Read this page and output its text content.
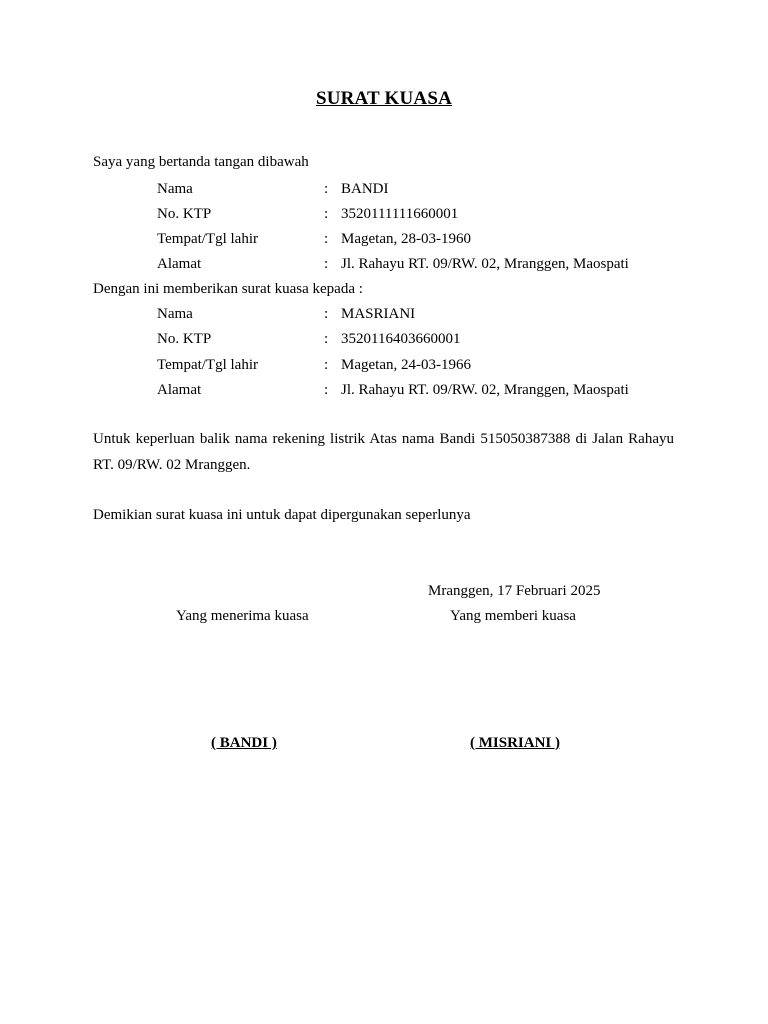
SURAT KUASA
Saya yang bertanda tangan dibawah
Nama	: BANDI
No. KTP	: 3520111111660001
Tempat/Tgl lahir	: Magetan, 28-03-1960
Alamat	: Jl. Rahayu RT. 09/RW. 02, Mranggen, Maospati
Dengan ini memberikan surat kuasa kepada :
Nama	: MASRIANI
No. KTP	: 3520116403660001
Tempat/Tgl lahir	: Magetan, 24-03-1966
Alamat	: Jl. Rahayu RT. 09/RW. 02, Mranggen, Maospati
Untuk keperluan balik nama rekening listrik Atas nama Bandi 515050387388 di Jalan Rahayu RT. 09/RW. 02 Mranggen.
Demikian surat kuasa ini untuk dapat dipergunakan seperlunya
Mranggen, 17 Februari 2025
Yang menerima kuasa	Yang memberi kuasa
( BANDI )	( MISRIANI )
